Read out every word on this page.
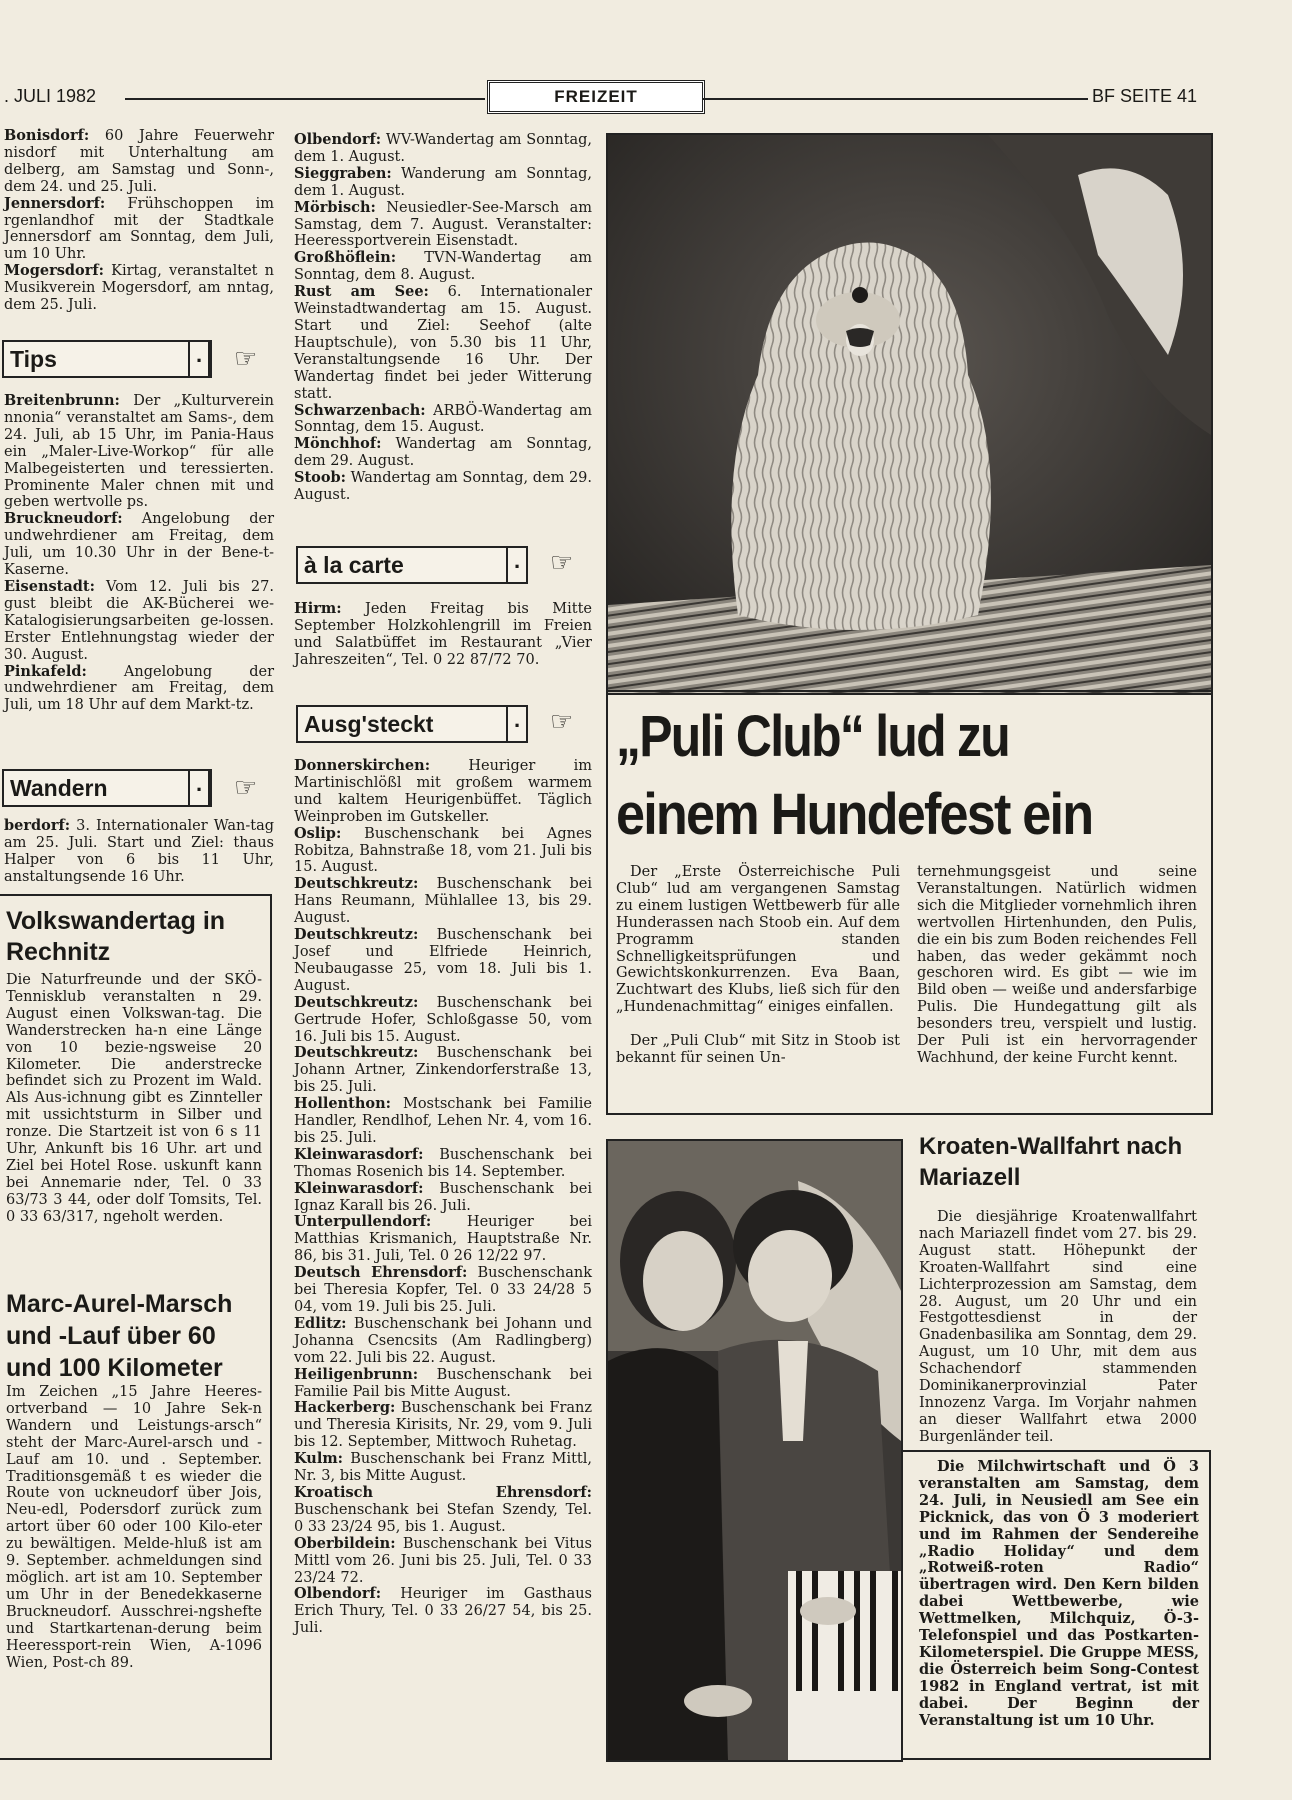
. JULI 1982	FREIZEIT	BF SEITE 41

Bonisdorf: 60 Jahre Feuerwehr nisdorf mit Unterhaltung am delberg, am Samstag und Sonn-, dem 24. und 25. Juli.

Jennersdorf: Frühschoppen im rgenlandhof mit der Stadtkale Jennersdorf am Sonntag, dem Juli, um 10 Uhr.

Mogersdorf: Kirtag, veranstaltet n Musikverein Mogersdorf, am nntag, dem 25. Juli.

Tips .	☞

Breitenbrunn: Der „Kulturverein nnonia“ veranstaltet am Sams-, dem 24. Juli, ab 15 Uhr, im Pania-Haus ein „Maler-Live-Workop“ für alle Malbegeisterten und teressierten. Prominente Maler chnen mit und geben wertvolle ps.

Bruckneudorf: Angelobung der undwehrdiener am Freitag, dem Juli, um 10.30 Uhr in der Bene-t-Kaserne.

Eisenstadt: Vom 12. Juli bis 27. gust bleibt die AK-Bücherei we- Katalogisierungsarbeiten ge-lossen. Erster Entlehnungstag wieder der 30. August.

Pinkafeld:	Angelobung der undwehrdiener am Freitag, dem Juli, um 18 Uhr auf dem Markt-tz.

Wandern .	☞

berdorf: 3. Internationaler Wan-tag am 25. Juli. Start und Ziel: thaus Halper von 6 bis 11 Uhr, anstaltungsende 16 Uhr.

Volkswandertag in Rechnitz

Die Naturfreunde und der SKÖ-Tennisklub veranstalten n 29. August einen Volkswan-tag. Die Wanderstrecken ha-n eine Länge von 10 bezie-ngsweise 20 Kilometer. Die anderstrecke befindet sich zu Prozent im Wald. Als Aus-ichnung gibt es Zinnteller mit ussichtsturm in Silber und ronze. Die Startzeit ist von 6 s 11 Uhr, Ankunft bis 16 Uhr. art und Ziel bei Hotel Rose. uskunft kann bei Annemarie nder, Tel. 0 33 63/73 3 44, oder dolf Tomsits, Tel. 0 33 63/317, ngeholt werden.

Marc-Aurel-Marsch und -Lauf über 60 und 100 Kilometer

Im Zeichen „15 Jahre Heeres-ortverband — 10 Jahre Sek-n Wandern und Leistungs-arsch“ steht der Marc-Aurel-arsch und -Lauf am 10. und . September. Traditionsgemäß t es wieder die Route von uckneudorf über Jois, Neu-edl, Podersdorf zurück zum artort über 60 oder 100 Kilo-eter zu bewältigen. Melde-hluß ist am 9. September. achmeldungen sind möglich. art ist am 10. September um Uhr in der Benedekkaserne Bruckneudorf. Ausschrei-ngshefte und Startkartenan-derung beim Heeressport-rein Wien, A-1096 Wien, Post-ch 89.

Olbendorf: WV-Wandertag am Sonntag, dem 1. August.

Sieggraben: Wanderung am Sonntag, dem 1. August.

Mörbisch: Neusiedler-See-Marsch am Samstag, dem 7. August. Veranstalter: Heeressportverein Eisenstadt.

Großhöflein: TVN-Wandertag am Sonntag, dem 8. August.

Rust am See: 6. Internationaler Weinstadtwandertag am 15. August. Start und Ziel: Seehof (alte Hauptschule), von 5.30 bis 11 Uhr, Veranstaltungsende 16 Uhr. Der Wandertag findet bei jeder Witterung statt.

Schwarzenbach: ARBÖ-Wandertag am Sonntag, dem 15. August.

Mönchhof: Wandertag am Sonntag, dem 29. August.

Stoob: Wandertag am Sonntag, dem 29. August.

à la carte .	☞

Hirm: Jeden Freitag bis Mitte September Holzkohlengrill im Freien und Salatbüffet im Restaurant „Vier Jahreszeiten“, Tel. 0 22 87/72 70.

Ausg'steckt .	☞

Donnerskirchen:	Heuriger im Martinischlößl mit großem warmem und kaltem Heurigenbüffet. Täglich Weinproben im Gutskeller.

Oslip: Buschenschank bei Agnes Robitza, Bahnstraße 18, vom 21. Juli bis 15. August.

Deutschkreutz: Buschenschank bei Hans Reumann, Mühlallee 13, bis 29. August.

Deutschkreutz: Buschenschank bei Josef und Elfriede Heinrich, Neubaugasse 25, vom 18. Juli bis 1. August.

Deutschkreutz: Buschenschank bei Gertrude Hofer, Schloßgasse 50, vom 16. Juli bis 15. August.

Deutschkreutz: Buschenschank bei Johann Artner, Zinkendorferstraße 13, bis 25. Juli.

Hollenthon: Mostschank bei Familie Handler, Rendlhof, Lehen Nr. 4, vom 16. bis 25. Juli.

Kleinwarasdorf: Buschenschank bei Thomas Rosenich bis 14. September.

Kleinwarasdorf: Buschenschank bei Ignaz Karall bis 26. Juli.

Unterpullendorf: Heuriger bei Matthias Krismanich, Hauptstraße Nr. 86, bis 31. Juli, Tel. 0 26 12/22 97.

Deutsch Ehrensdorf: Buschenschank bei Theresia Kopfer, Tel. 0 33 24/28 5 04, vom 19. Juli bis 25. Juli.

Edlitz: Buschenschank bei Johann und Johanna Csencsits (Am Radlingberg) vom 22. Juli bis 22. August.

Heiligenbrunn: Buschenschank bei Familie Pail bis Mitte August.

Hackerberg: Buschenschank bei Franz und Theresia Kirisits, Nr. 29, vom 9. Juli bis 12. September, Mittwoch Ruhetag.

Kulm: Buschenschank bei Franz Mittl, Nr. 3, bis Mitte August.

Kroatisch Ehrensdorf: Buschenschank bei Stefan Szendy, Tel. 0 33 23/24 95, bis 1. August.

Oberbildein: Buschenschank bei Vitus Mittl vom 26. Juni bis 25. Juli, Tel. 0 33 23/24 72.

Olbendorf: Heuriger im Gasthaus Erich Thury, Tel. 0 33 26/27 54, bis 25. Juli.

„Puli Club“ lud zu
einem Hundefest ein

Der „Erste Österreichische Puli Club“ lud am vergangenen Samstag zu einem lustigen Wettbewerb für alle Hunderassen nach Stoob ein. Auf dem Programm standen Schnelligkeitsprüfungen und Gewichtskonkurrenzen. Eva Baan, Zuchtwart des Klubs, ließ sich für den „Hundenachmittag“ einiges einfallen.

Der „Puli Club“ mit Sitz in Stoob ist bekannt für seinen Un-

ternehmungsgeist und seine Veranstaltungen. Natürlich widmen sich die Mitglieder vornehmlich ihren wertvollen Hirtenhunden, den Pulis, die ein bis zum Boden reichendes Fell haben, das weder gekämmt noch geschoren wird. Es gibt — wie im Bild oben — weiße und andersfarbige Pulis. Die Hundegattung gilt als besonders treu, verspielt und lustig. Der Puli ist ein hervorragender Wachhund, der keine Furcht kennt.

Kroaten-Wallfahrt nach Mariazell

Die diesjährige Kroatenwallfahrt nach Mariazell findet vom 27. bis 29. August statt. Höhepunkt der Kroaten-Wallfahrt sind eine Lichterprozession am Samstag, dem 28. August, um 20 Uhr und ein Festgottesdienst in der Gnadenbasilika am Sonntag, dem 29. August, um 10 Uhr, mit dem aus Schachendorf stammenden Dominikanerprovinzial Pater Innozenz Varga. Im Vorjahr nahmen an dieser Wallfahrt etwa 2000 Burgenländer teil.

Die Milchwirtschaft und Ö 3 veranstalten am Samstag, dem 24. Juli, in Neusiedl am See ein Picknick, das von Ö 3 moderiert und im Rahmen der Sendereihe „Radio Holiday“ und dem „Rotweiß-roten Radio“ übertragen wird. Den Kern bilden dabei Wettbewerbe, wie Wettmelken, Milchquiz, Ö-3-Telefonspiel und das Postkarten-Kilometerspiel. Die Gruppe MESS, die Österreich beim Song-Contest 1982 in England vertrat, ist mit dabei. Der Beginn der Veranstaltung ist um 10 Uhr.
